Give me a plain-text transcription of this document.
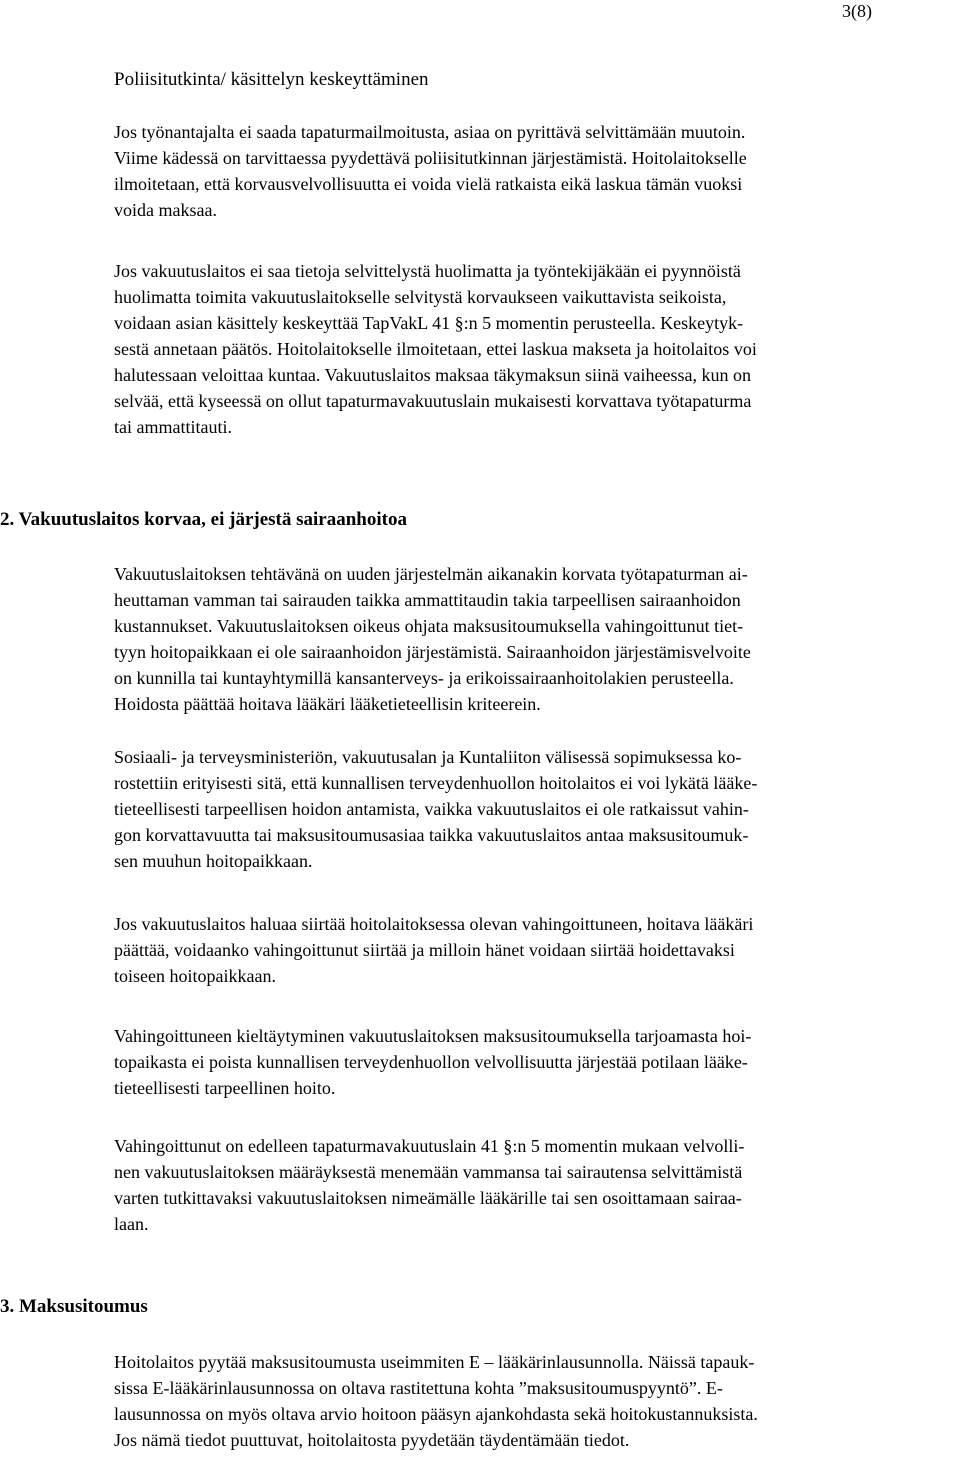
3(8)

Poliisitutkinta/ käsittelyn keskeyttäminen

Jos työnantajalta ei saada tapaturmailmoitusta, asiaa on pyrittävä selvittämään muutoin.
Viime kädessä on tarvittaessa pyydettävä poliisitutkinnan järjestämistä. Hoitolaitokselle
ilmoitetaan, että korvausvelvollisuutta ei voida vielä ratkaista eikä laskua tämän vuoksi
voida maksaa.

Jos vakuutuslaitos ei saa tietoja selvittelystä huolimatta ja työntekijäkään ei pyynnöistä
huolimatta toimita vakuutuslaitokselle selvitystä korvaukseen vaikuttavista seikoista,
voidaan asian käsittely keskeyttää TapVakL 41 §:n 5 momentin perusteella. Keskeytyk-
sestä annetaan päätös. Hoitolaitokselle ilmoitetaan, ettei laskua makseta ja hoitolaitos voi
halutessaan veloittaa kuntaa. Vakuutuslaitos maksaa täkymaksun siinä vaiheessa, kun on
selvää, että kyseessä on ollut tapaturmavakuutuslain mukaisesti korvattava työtapaturma
tai ammattitauti.

2. Vakuutuslaitos korvaa, ei järjestä sairaanhoitoa

Vakuutuslaitoksen tehtävänä on uuden järjestelmän aikanakin korvata työtapaturman ai-
heuttaman vamman tai sairauden taikka ammattitaudin takia tarpeellisen sairaanhoidon
kustannukset. Vakuutuslaitoksen oikeus ohjata maksusitoumuksella vahingoittunut tiet-
tyyn hoitopaikkaan ei ole sairaanhoidon järjestämistä. Sairaanhoidon järjestämisvelvoite
on kunnilla tai kuntayhtymillä kansanterveys- ja erikoissairaanhoitolakien perusteella.
Hoidosta päättää hoitava lääkäri lääketieteellisin kriteerein.

Sosiaali- ja terveysministeriön, vakuutusalan ja Kuntaliiton välisessä sopimuksessa ko-
rostettiin erityisesti sitä, että kunnallisen terveydenhuollon hoitolaitos ei voi lykätä lääke-
tieteellisesti tarpeellisen hoidon antamista, vaikka vakuutuslaitos ei ole ratkaissut vahin-
gon korvattavuutta tai maksusitoumusasiaa taikka vakuutuslaitos antaa maksusitoumuk-
sen muuhun hoitopaikkaan.

Jos vakuutuslaitos haluaa siirtää hoitolaitoksessa olevan vahingoittuneen, hoitava lääkäri
päättää, voidaanko vahingoittunut siirtää ja milloin hänet voidaan siirtää hoidettavaksi
toiseen hoitopaikkaan.

Vahingoittuneen kieltäytyminen vakuutuslaitoksen maksusitoumuksella tarjoamasta hoi-
topaikasta ei poista kunnallisen terveydenhuollon velvollisuutta järjestää potilaan lääke-
tieteellisesti tarpeellinen hoito.

Vahingoittunut on edelleen tapaturmavakuutuslain 41 §:n 5 momentin mukaan velvolli-
nen vakuutuslaitoksen määräyksestä menemään vammansa tai sairautensa selvittämistä
varten tutkittavaksi vakuutuslaitoksen nimeämälle lääkärille tai sen osoittamaan sairaa-
laan.

3. Maksusitoumus

Hoitolaitos pyytää maksusitoumusta useimmiten E – lääkärinlausunnolla. Näissä tapauk-
sissa E-lääkärinlausunnossa on oltava rastitettuna kohta ”maksusitoumuspyyntö”. E-
lausunnossa on myös oltava arvio hoitoon pääsyn ajankohdasta sekä hoitokustannuksista.
Jos nämä tiedot puuttuvat, hoitolaitosta pyydetään täydentämään tiedot.
